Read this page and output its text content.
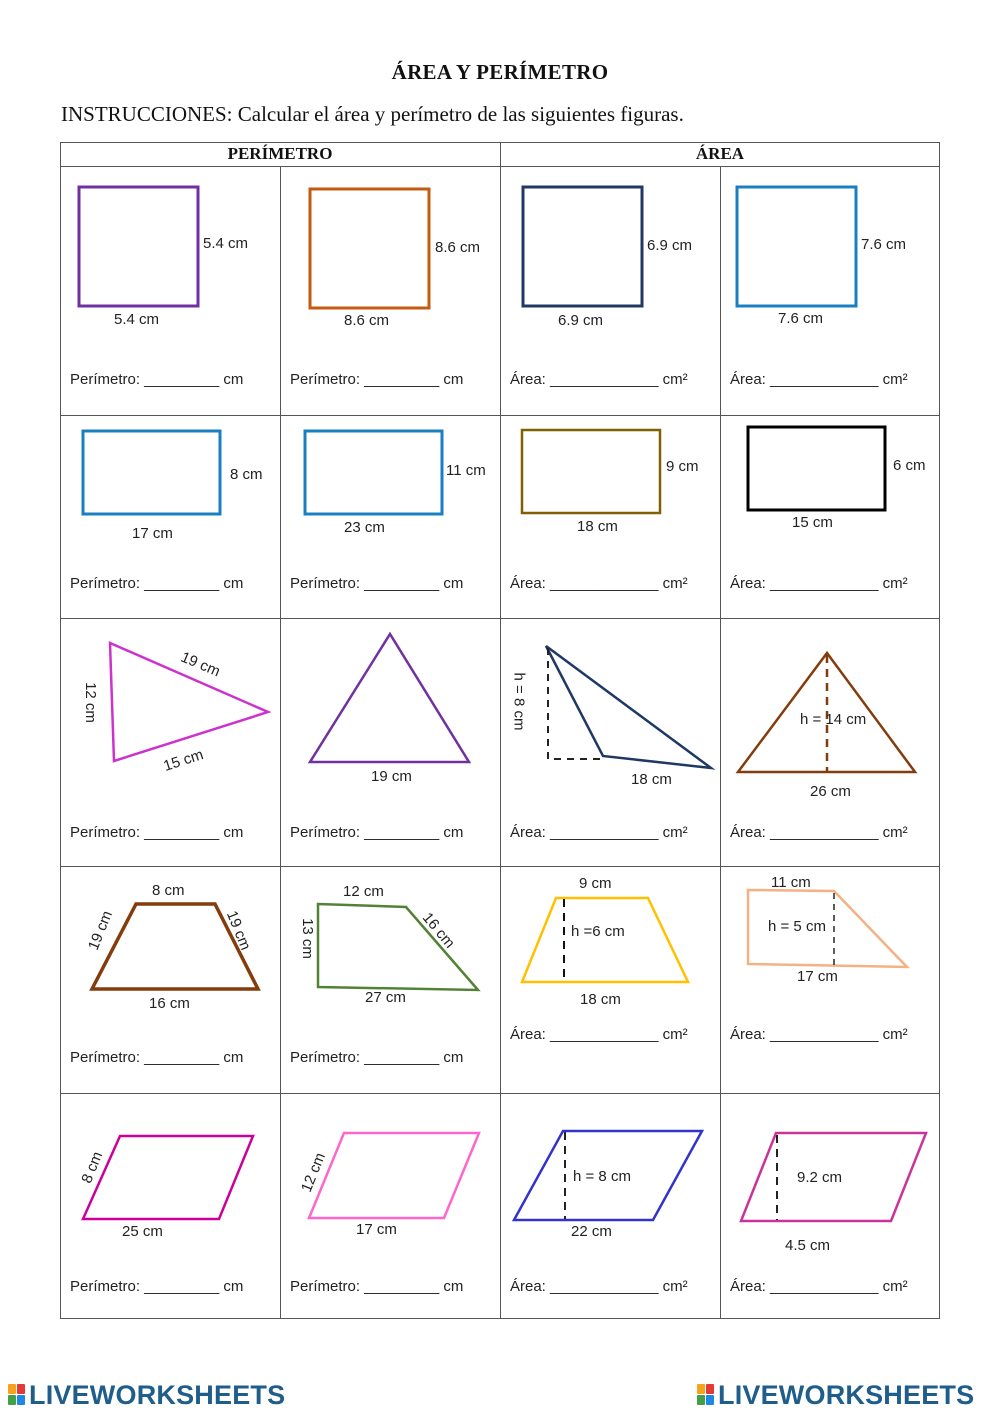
ÁREA Y PERÍMETRO
INSTRUCCIONES: Calcular el área y perímetro de las siguientes figuras.
PERÍMETRO	ÁREA
5.4 cm
5.4 cm
Perímetro: _________ cm
8.6 cm
8.6 cm
Perímetro: _________ cm
6.9 cm
6.9 cm
Área: _____________ cm²
7.6 cm
7.6 cm
Área: _____________ cm²
8 cm
17 cm
Perímetro: _________ cm
11 cm
23 cm
Perímetro: _________ cm
9 cm
18 cm
Área: _____________ cm²
6 cm
15 cm
Área: _____________ cm²
19 cm
12 cm
15 cm
Perímetro: _________ cm
19 cm
Perímetro: _________ cm
h = 8 cm
18 cm
Área: _____________ cm²
h = 14 cm
26 cm
Área: _____________ cm²
8 cm
19 cm	19 cm
16 cm
Perímetro: _________ cm
12 cm
13 cm	16 cm
27 cm
Perímetro: _________ cm
9 cm
h =6 cm
18 cm
Área: _____________ cm²
11 cm
h = 5 cm
17 cm
Área: _____________ cm²
8 cm
25 cm
Perímetro: _________ cm
12 cm
17 cm
Perímetro: _________ cm
h = 8 cm
22 cm
Área: _____________ cm²
9.2 cm
4.5 cm
Área: _____________ cm²
LIVEWORKSHEETS	LIVEWORKSHEETS
